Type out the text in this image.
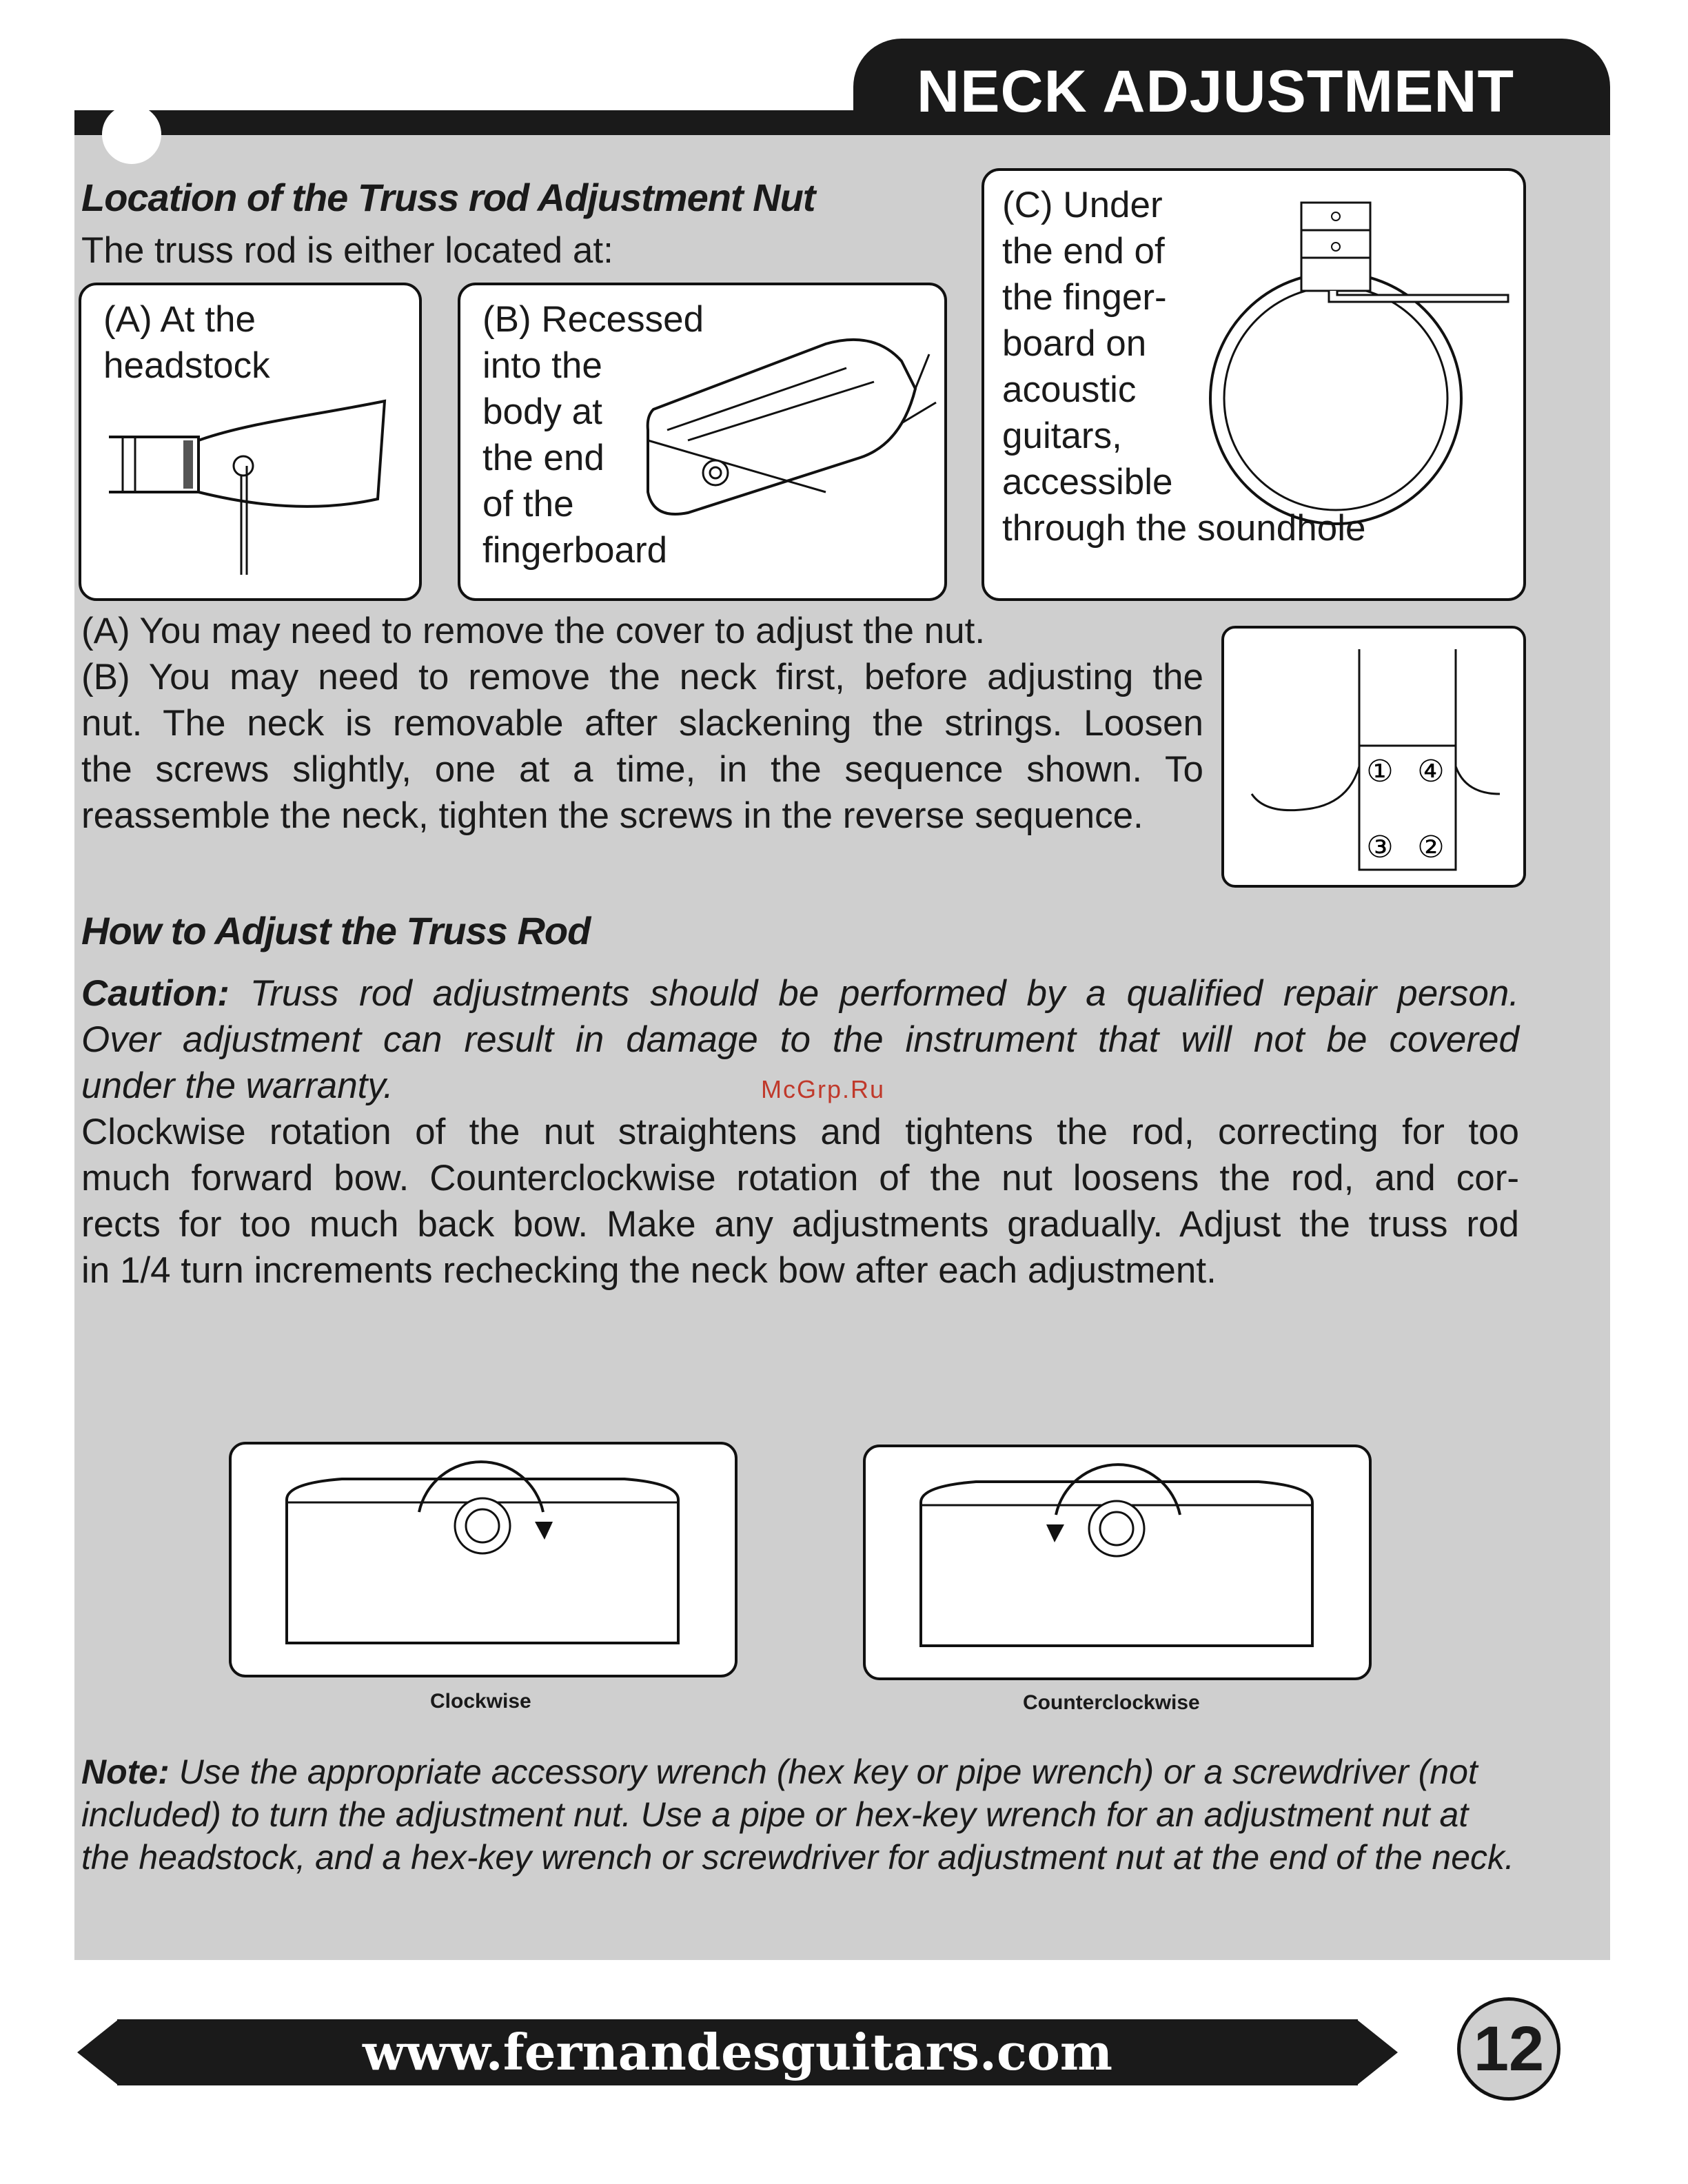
NECK ADJUSTMENT
Location of the Truss rod Adjustment Nut
The truss rod is either located at:
(A) At the
headstock
(B) Recessed
into the
body at
the end
of the
fingerboard
(C) Under
the end of
the finger-
board on
acoustic
guitars,
accessible
through the soundhole
(A) You may need to remove the cover to adjust the nut.
(B) You may need to remove the neck first, before adjusting the
nut. The neck is removable after slackening the strings. Loosen
the screws slightly, one at a time, in the sequence shown. To
reassemble the neck, tighten the screws in the reverse sequence.
① ④
③ ②
How to Adjust the Truss Rod
Caution: Truss rod adjustments should be performed by a qualified repair person.
Over adjustment can result in damage to the instrument that will not be covered
under the warranty.
Clockwise rotation of the nut straightens and tightens the rod, correcting for too
much forward bow. Counterclockwise rotation of the nut loosens the rod, and cor-
rects for too much back bow. Make any adjustments gradually. Adjust the truss rod
in 1/4 turn increments rechecking the neck bow after each adjustment.
McGrp.Ru
Clockwise	Counterclockwise
Note: Use the appropriate accessory wrench (hex key or pipe wrench) or a screwdriver (not included) to turn the adjustment nut. Use a pipe or hex-key wrench for an adjustment nut at the headstock, and a hex-key wrench or screwdriver for adjustment nut at the end of the neck.
www.fernandesguitars.com	12
